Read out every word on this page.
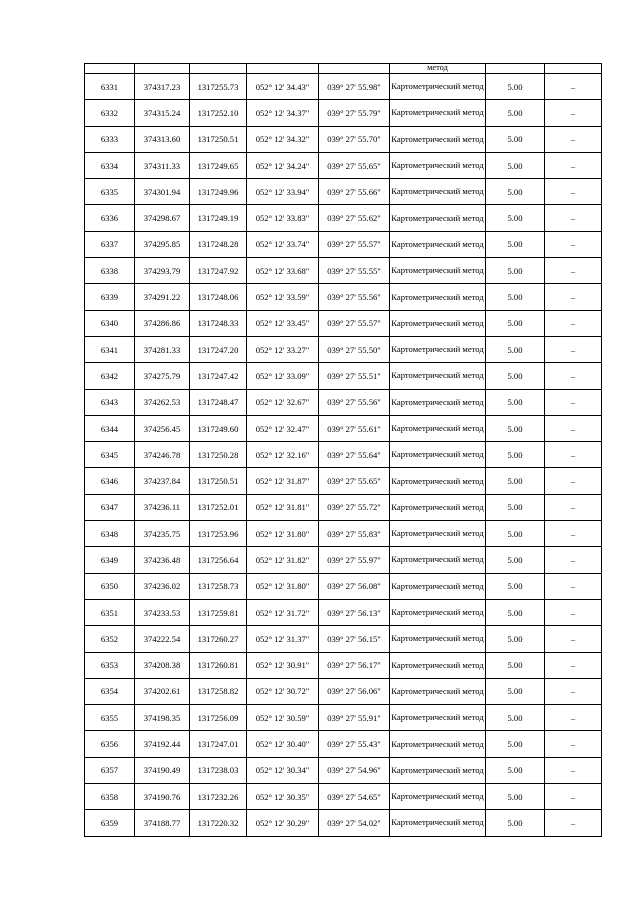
					метод		
6331	374317.23	1317255.73	052° 12' 34.43"	039° 27' 55.98"	Картометрический метод	5.00	–
6332	374315.24	1317252.10	052° 12' 34.37"	039° 27' 55.79"	Картометрический метод	5.00	–
6333	374313.60	1317250.51	052° 12' 34.32"	039° 27' 55.70"	Картометрический метод	5.00	–
6334	374311.33	1317249.65	052° 12' 34.24"	039° 27' 55.65"	Картометрический метод	5.00	–
6335	374301.94	1317249.96	052° 12' 33.94"	039° 27' 55.66"	Картометрический метод	5.00	–
6336	374298.67	1317249.19	052° 12' 33.83"	039° 27' 55.62"	Картометрический метод	5.00	–
6337	374295.85	1317248.28	052° 12' 33.74"	039° 27' 55.57"	Картометрический метод	5.00	–
6338	374293.79	1317247.92	052° 12' 33.68"	039° 27' 55.55"	Картометрический метод	5.00	–
6339	374291.22	1317248.06	052° 12' 33.59"	039° 27' 55.56"	Картометрический метод	5.00	–
6340	374286.86	1317248.33	052° 12' 33.45"	039° 27' 55.57"	Картометрический метод	5.00	–
6341	374281.33	1317247.20	052° 12' 33.27"	039° 27' 55.50"	Картометрический метод	5.00	–
6342	374275.79	1317247.42	052° 12' 33.09"	039° 27' 55.51"	Картометрический метод	5.00	–
6343	374262.53	1317248.47	052° 12' 32.67"	039° 27' 55.56"	Картометрический метод	5.00	–
6344	374256.45	1317249.60	052° 12' 32.47"	039° 27' 55.61"	Картометрический метод	5.00	–
6345	374246.78	1317250.28	052° 12' 32.16"	039° 27' 55.64"	Картометрический метод	5.00	–
6346	374237.84	1317250.51	052° 12' 31.87"	039° 27' 55.65"	Картометрический метод	5.00	–
6347	374236.11	1317252.01	052° 12' 31.81"	039° 27' 55.72"	Картометрический метод	5.00	–
6348	374235.75	1317253.96	052° 12' 31.80"	039° 27' 55.83"	Картометрический метод	5.00	–
6349	374236.48	1317256.64	052° 12' 31.82"	039° 27' 55.97"	Картометрический метод	5.00	–
6350	374236.02	1317258.73	052° 12' 31.80"	039° 27' 56.08"	Картометрический метод	5.00	–
6351	374233.53	1317259.81	052° 12' 31.72"	039° 27' 56.13"	Картометрический метод	5.00	–
6352	374222.54	1317260.27	052° 12' 31.37"	039° 27' 56.15"	Картометрический метод	5.00	–
6353	374208.38	1317260.81	052° 12' 30.91"	039° 27' 56.17"	Картометрический метод	5.00	–
6354	374202.61	1317258.82	052° 12' 30.72"	039° 27' 56.06"	Картометрический метод	5.00	–
6355	374198.35	1317256.09	052° 12' 30.59"	039° 27' 55.91"	Картометрический метод	5.00	–
6356	374192.44	1317247.01	052° 12' 30.40"	039° 27' 55.43"	Картометрический метод	5.00	–
6357	374190.49	1317238.03	052° 12' 30.34"	039° 27' 54.96"	Картометрический метод	5.00	–
6358	374190.76	1317232.26	052° 12' 30.35"	039° 27' 54.65"	Картометрический метод	5.00	–
6359	374188.77	1317220.32	052° 12' 30.29"	039° 27' 54.02"	Картометрический метод	5.00	–
